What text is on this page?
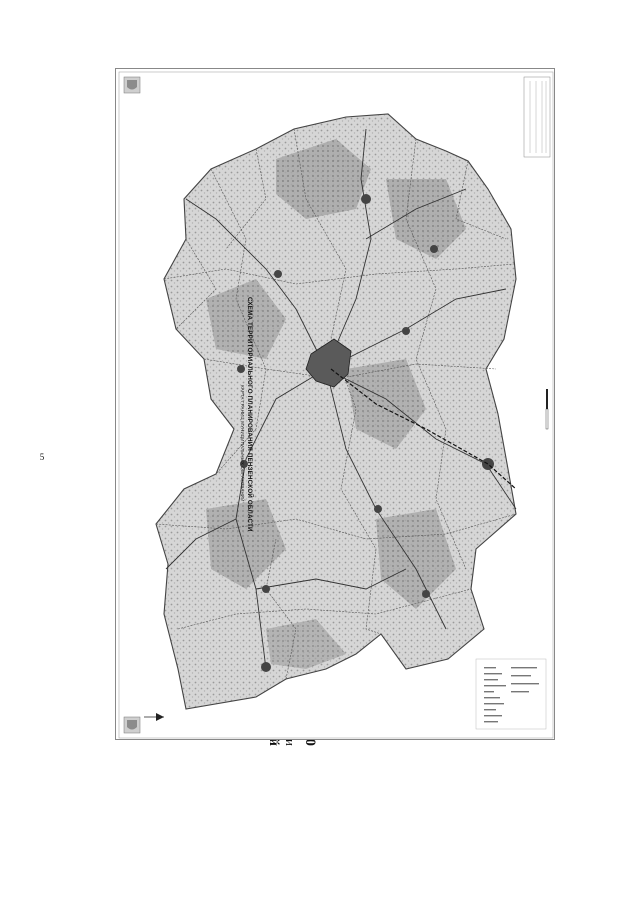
5	СХЕМА ТЕРРИТОРИАЛЬНОГО ПЛАНИРОВАНИЯ ПЕНЗЕНСКОЙ ОБЛАСТИ
КАРТА ГРАНИЦ МУНИЦИПАЛЬНЫХ ОБРАЗОВАНИЙ
